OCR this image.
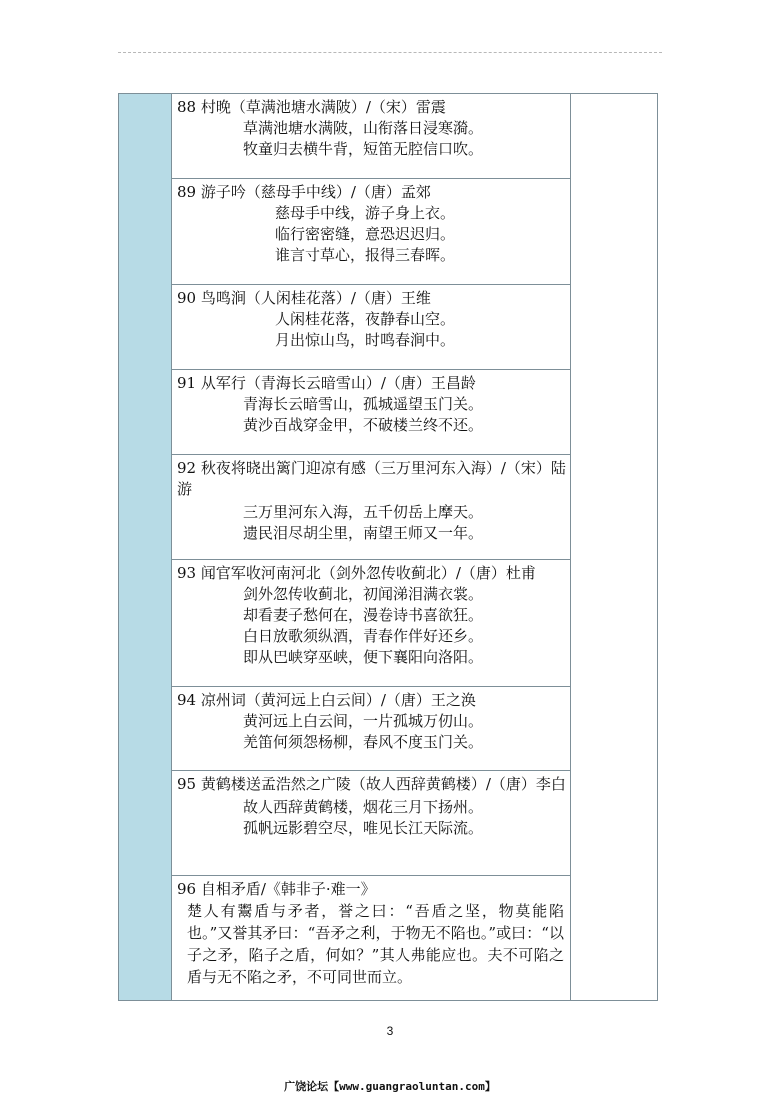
88 村晚（草满池塘水满陂）/（宋）雷震
草满池塘水满陂，山衔落日浸寒漪。
牧童归去横牛背，短笛无腔信口吹。
89 游子吟（慈母手中线）/（唐）孟郊
慈母手中线，游子身上衣。
临行密密缝，意恐迟迟归。
谁言寸草心，报得三春晖。
90 鸟鸣涧（人闲桂花落）/（唐）王维
人闲桂花落，夜静春山空。
月出惊山鸟，时鸣春涧中。
91 从军行（青海长云暗雪山）/（唐）王昌龄
青海长云暗雪山，孤城遥望玉门关。
黄沙百战穿金甲，不破楼兰终不还。
92 秋夜将晓出篱门迎凉有感（三万里河东入海）/（宋）陆游
三万里河东入海，五千仞岳上摩天。
遗民泪尽胡尘里，南望王师又一年。
93 闻官军收河南河北（剑外忽传收蓟北）/（唐）杜甫
剑外忽传收蓟北，初闻涕泪满衣裳。
却看妻子愁何在，漫卷诗书喜欲狂。
白日放歌须纵酒，青春作伴好还乡。
即从巴峡穿巫峡，便下襄阳向洛阳。
94 凉州词（黄河远上白云间）/（唐）王之涣
黄河远上白云间，一片孤城万仞山。
羌笛何须怨杨柳，春风不度玉门关。
95 黄鹤楼送孟浩然之广陵（故人西辞黄鹤楼）/（唐）李白
故人西辞黄鹤楼，烟花三月下扬州。
孤帆远影碧空尽，唯见长江天际流。
96 自相矛盾/《韩非子·难一》
楚人有鬻盾与矛者，誉之曰：“吾盾之坚，物莫能陷也。”又誉其矛曰：“吾矛之利，于物无不陷也。”或曰：“以子之矛，陷子之盾，何如？”其人弗能应也。夫不可陷之盾与无不陷之矛，不可同世而立。
3
广饶论坛【www.guangraoluntan.com】
